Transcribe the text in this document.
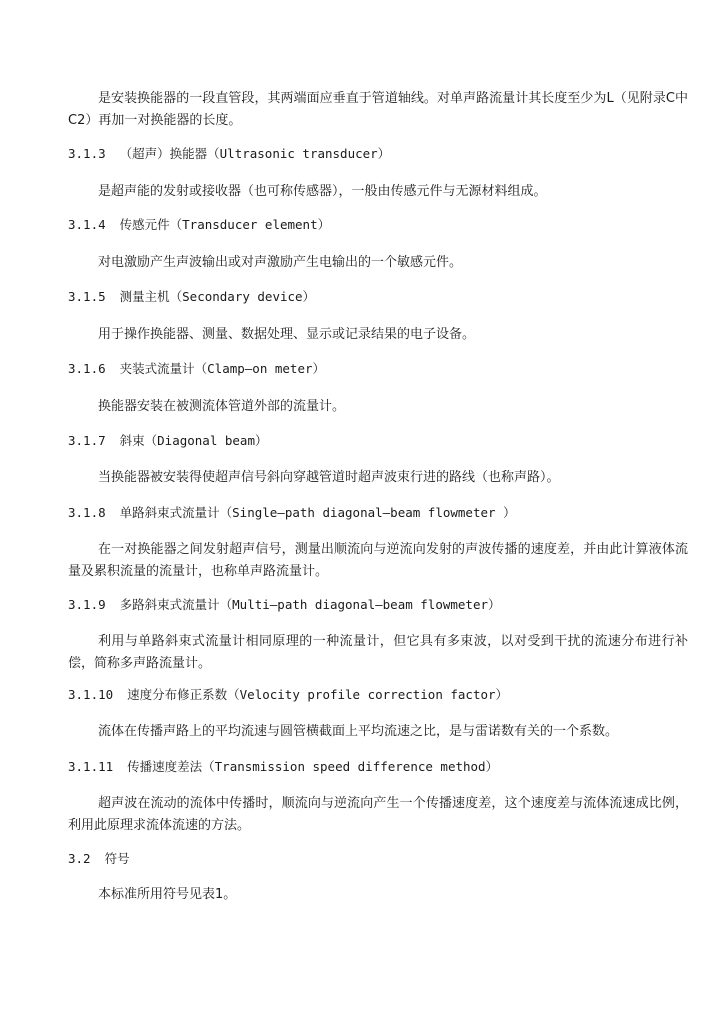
是安装换能器的一段直管段，其两端面应垂直于管道轴线。对单声路流量计其长度至少为L（见附录C中C2）再加一对换能器的长度。
3.1.3 （超声）换能器（Ultrasonic transducer）
是超声能的发射或接收器（也可称传感器），一般由传感元件与无源材料组成。
3.1.4 传感元件（Transducer element）
对电激励产生声波输出或对声激励产生电输出的一个敏感元件。
3.1.5 测量主机（Secondary device）
用于操作换能器、测量、数据处理、显示或记录结果的电子设备。
3.1.6 夹装式流量计（Clamp—on meter）
换能器安装在被测流体管道外部的流量计。
3.1.7 斜束（Diagonal beam）
当换能器被安装得使超声信号斜向穿越管道时超声波束行进的路线（也称声路）。
3.1.8 单路斜束式流量计（Single—path diagonal—beam flowmeter ）
在一对换能器之间发射超声信号，测量出顺流向与逆流向发射的声波传播的速度差，并由此计算液体流量及累积流量的流量计，也称单声路流量计。
3.1.9 多路斜束式流量计（Multi—path diagonal—beam flowmeter）
利用与单路斜束式流量计相同原理的一种流量计，但它具有多束波，以对受到干扰的流速分布进行补偿，简称多声路流量计。
3.1.10 速度分布修正系数（Velocity profile correction factor）
流体在传播声路上的平均流速与圆管横截面上平均流速之比，是与雷诺数有关的一个系数。
3.1.11 传播速度差法（Transmission speed difference method）
超声波在流动的流体中传播时，顺流向与逆流向产生一个传播速度差，这个速度差与流体流速成比例，利用此原理求流体流速的方法。
3.2 符号
本标准所用符号见表1。
